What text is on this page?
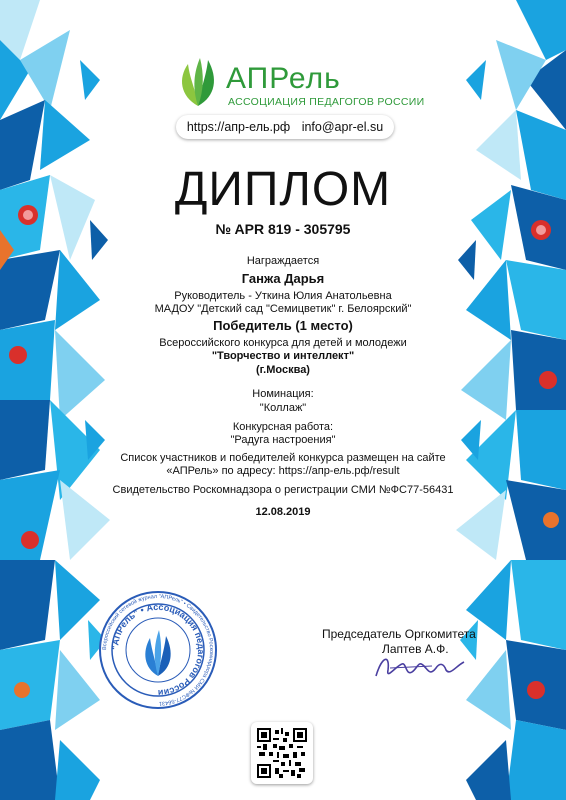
АПРель
АССОЦИАЦИЯ ПЕДАГОГОВ РОССИИ
https://апр-ель.рф info@apr-el.su
ДИПЛОМ
№ APR 819 - 305795
Награждается
Ганжа Дарья
Руководитель - Уткина Юлия Анатольевна
МАДОУ "Детский сад "Семицветик" г. Белоярский"
Победитель (1 место)
Всероссийского конкурса для детей и молодежи
"Творчество и интеллект"
(г.Москва)
Номинация:
"Коллаж"
Конкурсная работа:
"Радуга настроения"
Список участников и победителей конкурса размещен на сайте
«АПРель» по адресу: https://апр-ель.рф/result
Свидетельство Роскомнадзора о регистрации СМИ №ФС77-56431
12.08.2019
Всероссийский сетевой журнал "АПРель" • Свидетельство Роскомнадзора СМИ №ФС77-56431
"АПРель" • Ассоциация педагогов России
Председатель Оргкомитета
Лаптев А.Ф.
